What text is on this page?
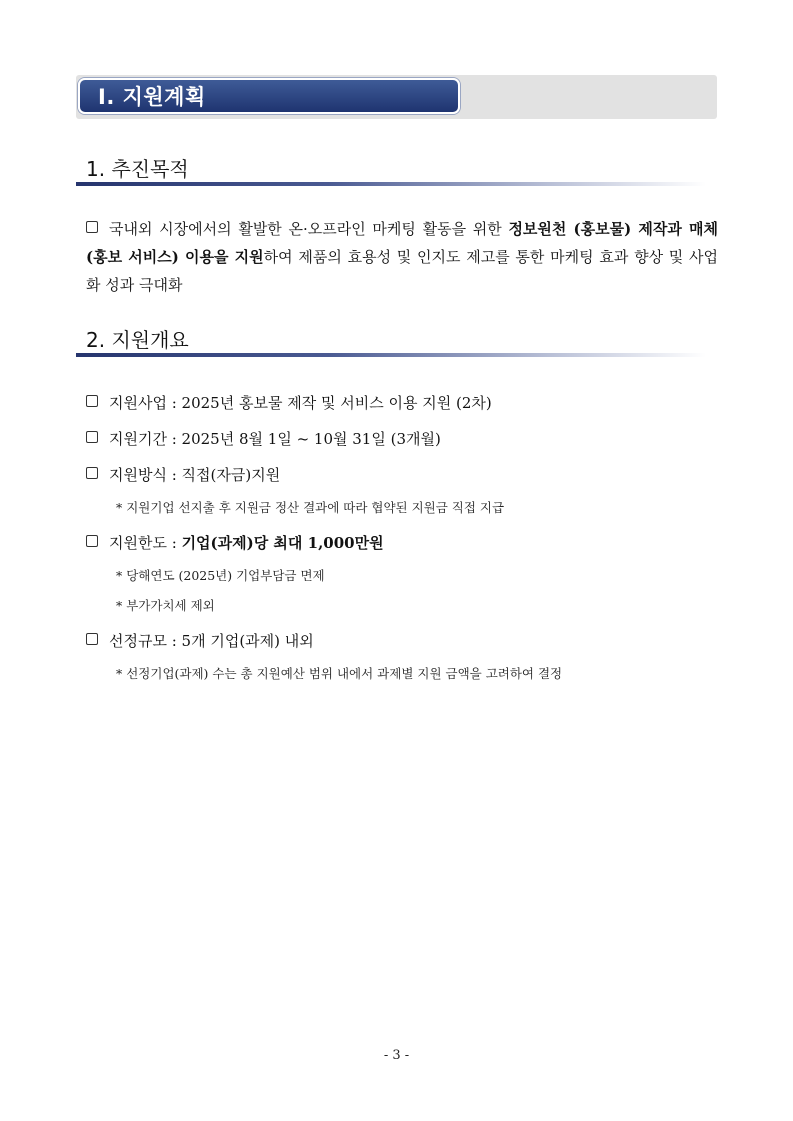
Ⅰ. 지원계획
1. 추진목적
국내외 시장에서의 활발한 온·오프라인 마케팅 활동을 위한 정보원천 (홍보물) 제작과 매체 (홍보 서비스) 이용을 지원하여 제품의 효용성 및 인지도 제고를 통한 마케팅 효과 향상 및 사업화 성과 극대화
2. 지원개요
지원사업 : 2025년 홍보물 제작 및 서비스 이용 지원 (2차)
지원기간 : 2025년 8월 1일 ~ 10월 31일 (3개월)
지원방식 : 직접(자금)지원
* 지원기업 선지출 후 지원금 정산 결과에 따라 협약된 지원금 직접 지급
지원한도 : 기업(과제)당 최대 1,000만원
* 당해연도 (2025년) 기업부담금 면제
* 부가가치세 제외
선정규모 : 5개 기업(과제) 내외
* 선정기업(과제) 수는 총 지원예산 범위 내에서 과제별 지원 금액을 고려하여 결정
- 3 -
